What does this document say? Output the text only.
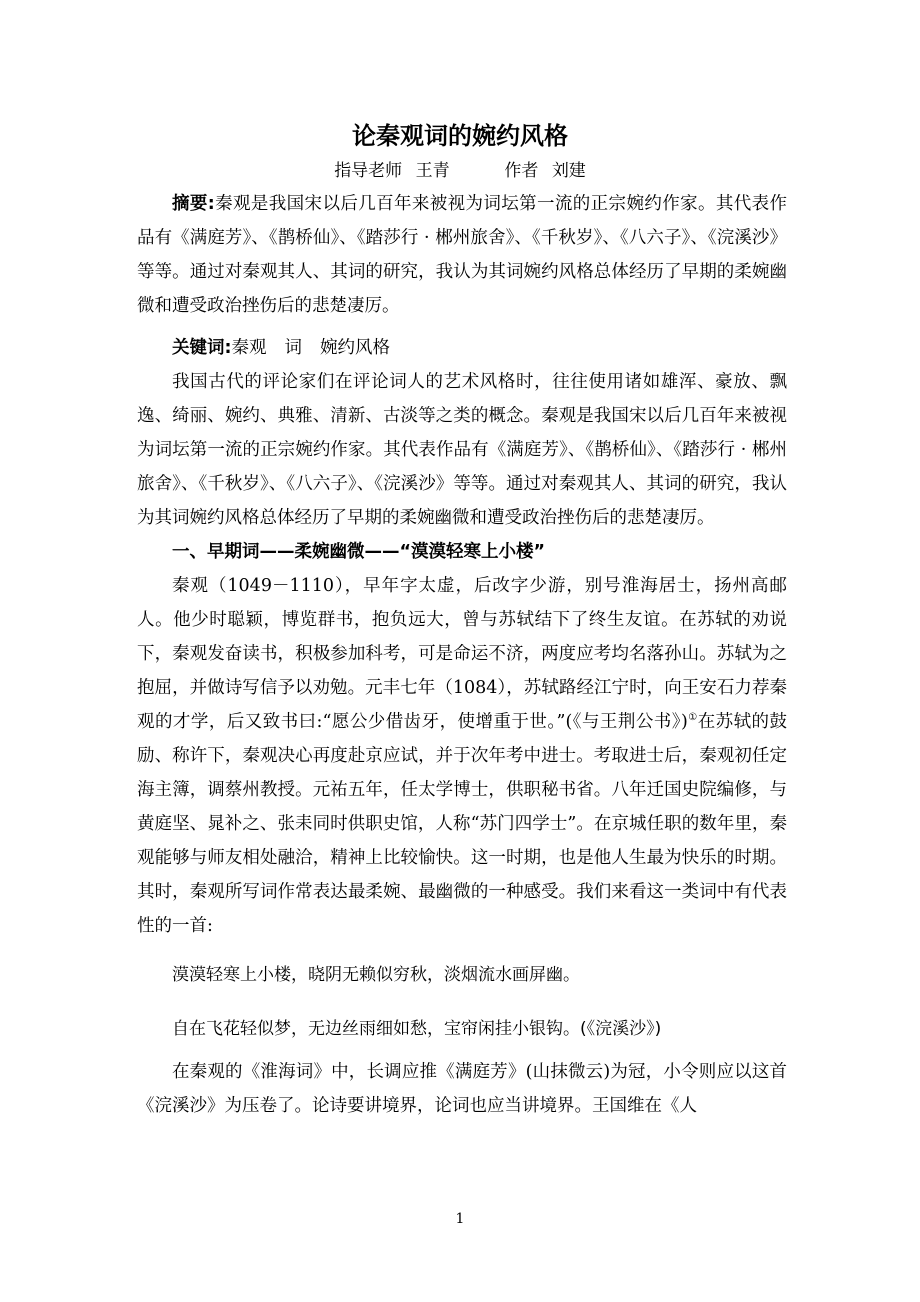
论秦观词的婉约风格
指导老师 王青	作者 刘建

摘要:秦观是我国宋以后几百年来被视为词坛第一流的正宗婉约作家。其代表作品有《满庭芳》、《鹊桥仙》、《踏莎行 · 郴州旅舍》、《千秋岁》、《八六子》、《浣溪沙》等等。通过对秦观其人、其词的研究，我认为其词婉约风格总体经历了早期的柔婉幽微和遭受政治挫伤后的悲楚凄厉。

关键词:秦观 词 婉约风格

我国古代的评论家们在评论词人的艺术风格时，往往使用诸如雄浑、豪放、飘逸、绮丽、婉约、典雅、清新、古淡等之类的概念。秦观是我国宋以后几百年来被视为词坛第一流的正宗婉约作家。其代表作品有《满庭芳》、《鹊桥仙》、《踏莎行 · 郴州旅舍》、《千秋岁》、《八六子》、《浣溪沙》等等。通过对秦观其人、其词的研究，我认为其词婉约风格总体经历了早期的柔婉幽微和遭受政治挫伤后的悲楚凄厉。

一、早期词——柔婉幽微——“漠漠轻寒上小楼”

秦观（1049－1110），早年字太虚，后改字少游，别号淮海居士，扬州高邮人。他少时聪颖，博览群书，抱负远大，曾与苏轼结下了终生友谊。在苏轼的劝说下，秦观发奋读书，积极参加科考，可是命运不济，两度应考均名落孙山。苏轼为之抱屈，并做诗写信予以劝勉。元丰七年（1084），苏轼路经江宁时，向王安石力荐秦观的才学，后又致书曰:“愿公少借齿牙，使增重于世。”(《与王荆公书》)①在苏轼的鼓励、称许下，秦观决心再度赴京应试，并于次年考中进士。考取进士后，秦观初任定海主簿，调蔡州教授。元祐五年，任太学博士，供职秘书省。八年迁国史院编修，与黄庭坚、晁补之、张耒同时供职史馆，人称“苏门四学士”。在京城任职的数年里，秦观能够与师友相处融洽，精神上比较愉快。这一时期，也是他人生最为快乐的时期。其时，秦观所写词作常表达最柔婉、最幽微的一种感受。我们来看这一类词中有代表性的一首:

漠漠轻寒上小楼，晓阴无赖似穷秋，淡烟流水画屏幽。

自在飞花轻似梦，无边丝雨细如愁，宝帘闲挂小银钩。(《浣溪沙》)

在秦观的《淮海词》中，长调应推《满庭芳》(山抹微云)为冠，小令则应以这首《浣溪沙》为压卷了。论诗要讲境界，论词也应当讲境界。王国维在《人

1
